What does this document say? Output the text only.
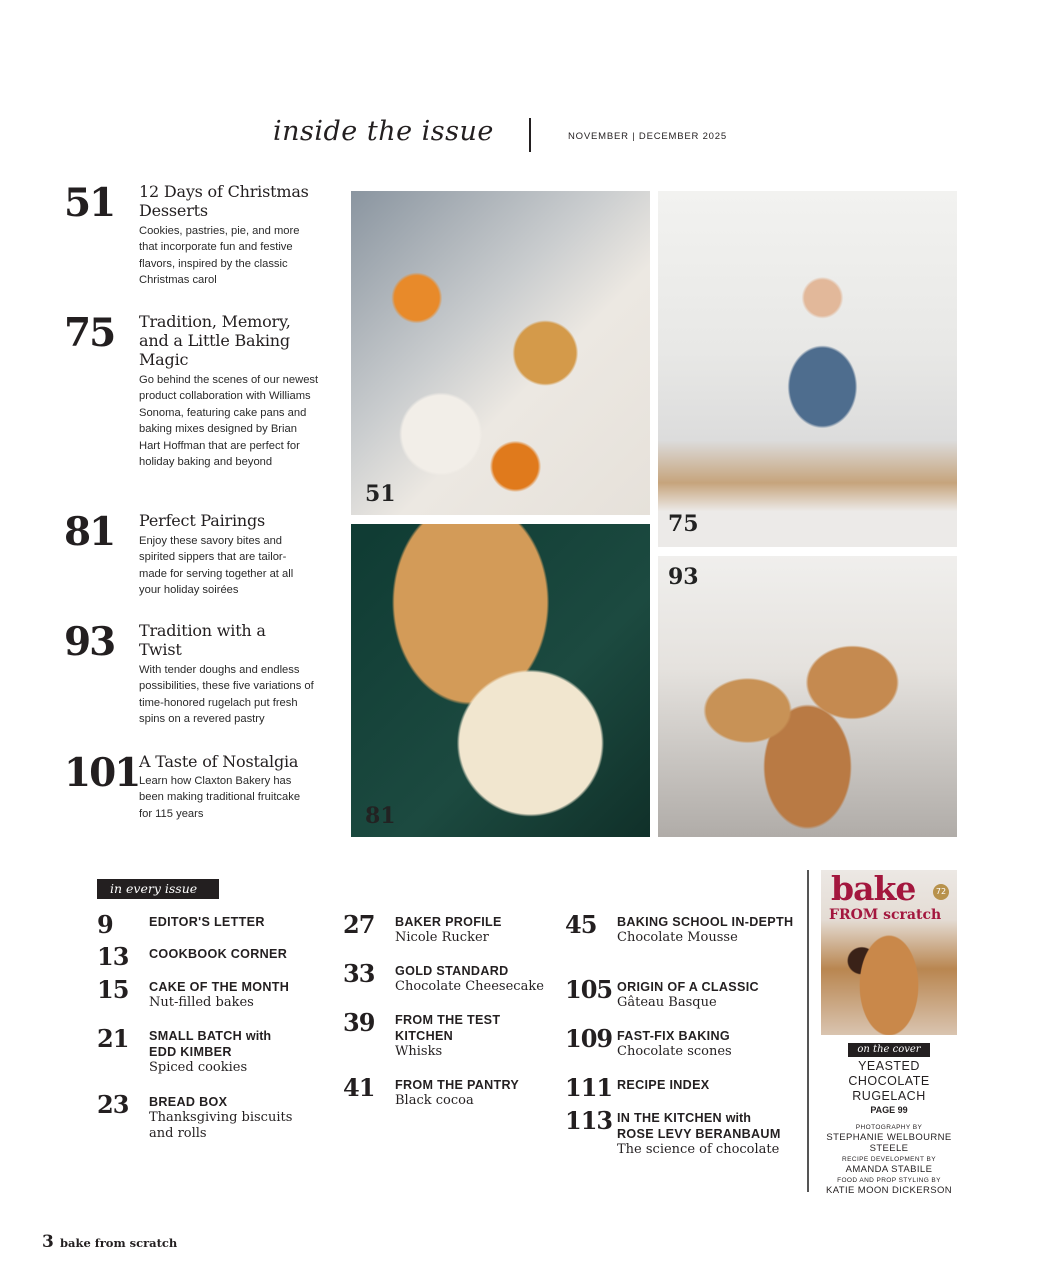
inside the issue	NOVEMBER | DECEMBER 2025
51 12 Days of Christmas Desserts
Cookies, pastries, pie, and more that incorporate fun and festive flavors, inspired by the classic Christmas carol
75 Tradition, Memory, and a Little Baking Magic
Go behind the scenes of our newest product collaboration with Williams Sonoma, featuring cake pans and baking mixes designed by Brian Hart Hoffman that are perfect for holiday baking and beyond
81 Perfect Pairings
Enjoy these savory bites and spirited sippers that are tailor-made for serving together at all your holiday soirées
93 Tradition with a Twist
With tender doughs and endless possibilities, these five variations of time-honored rugelach put fresh spins on a revered pastry
101 A Taste of Nostalgia
Learn how Claxton Bakery has been making traditional fruitcake for 115 years
51
75
81
93
in every issue
9	EDITOR'S LETTER
13 COOKBOOK CORNER
15 CAKE OF THE MONTH
Nut-filled bakes
21 SMALL BATCH with
EDD KIMBER
Spiced cookies
23 BREAD BOX
Thanksgiving biscuits and rolls
27 BAKER PROFILE
Nicole Rucker
33 GOLD STANDARD
Chocolate Cheesecake
39 FROM THE TEST KITCHEN
Whisks
41 FROM THE PANTRY
Black cocoa
45 BAKING SCHOOL IN-DEPTH
Chocolate Mousse
105 ORIGIN OF A CLASSIC
Gâteau Basque
109 FAST-FIX BAKING
Chocolate scones
111 RECIPE INDEX
113 IN THE KITCHEN with
ROSE LEVY BERANBAUM
The science of chocolate
bake
FROM scratch
72
on the cover
YEASTED CHOCOLATE RUGELACH
PAGE 99
PHOTOGRAPHY BY
STEPHANIE WELBOURNE STEELE
RECIPE DEVELOPMENT BY
AMANDA STABILE
FOOD AND PROP STYLING BY
KATIE MOON DICKERSON
3 bake from scratch
